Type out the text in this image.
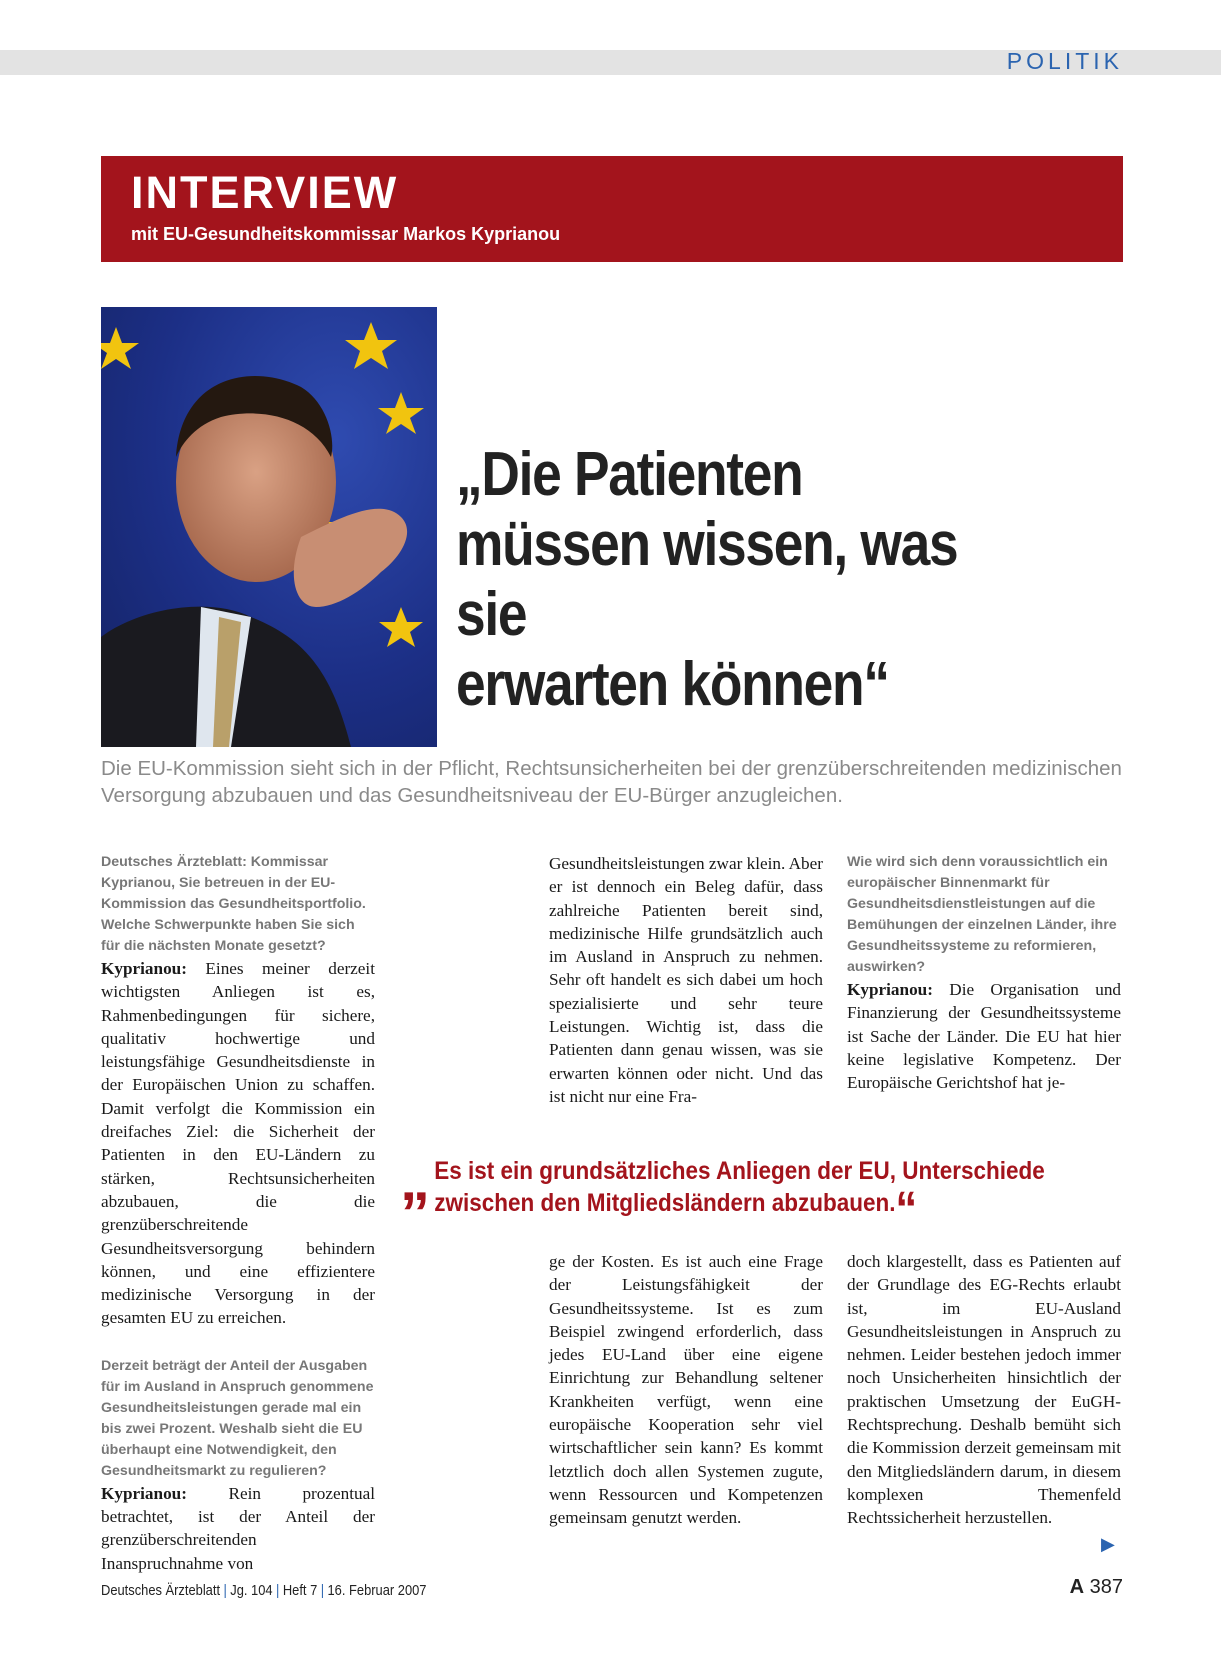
POLITIK
INTERVIEW
mit EU-Gesundheitskommissar Markos Kyprianou
„Die Patienten
müssen wissen, was sie
erwarten können“
Die EU-Kommission sieht sich in der Pflicht, Rechtsunsicherheiten bei der grenzüberschreitenden medizinischen Versorgung abzubauen und das Gesundheitsniveau der EU-Bürger anzugleichen.

Deutsches Ärzteblatt: Kommissar Kyprianou, Sie betreuen in der EU-Kommission das Gesundheitsportfolio. Welche Schwerpunkte haben Sie sich für die nächsten Monate gesetzt?

Kyprianou: Eines meiner derzeit wichtigsten Anliegen ist es, Rahmenbedingungen für sichere, qualitativ hochwertige und leistungsfähige Gesundheitsdienste in der Europäischen Union zu schaffen. Damit verfolgt die Kommission ein dreifaches Ziel: die Sicherheit der Patienten in den EU-Ländern zu stärken, Rechtsunsicherheiten abzubauen, die die grenzüberschreitende Gesundheitsversorgung behindern können, und eine effizientere medizinische Versorgung in der gesamten EU zu erreichen.

Derzeit beträgt der Anteil der Ausgaben für im Ausland in Anspruch genommene Gesundheitsleistungen gerade mal ein bis zwei Prozent. Weshalb sieht die EU überhaupt eine Notwendigkeit, den Gesundheitsmarkt zu regulieren?

Kyprianou: Rein prozentual betrachtet, ist der Anteil der grenzüberschreitenden Inanspruchnahme von

Gesundheitsleistungen zwar klein. Aber er ist dennoch ein Beleg dafür, dass zahlreiche Patienten bereit sind, medizinische Hilfe grundsätzlich auch im Ausland in Anspruch zu nehmen. Sehr oft handelt es sich dabei um hoch spezialisierte und sehr teure Leistungen. Wichtig ist, dass die Patienten dann genau wissen, was sie erwarten können oder nicht. Und das ist nicht nur eine Fra-

Wie wird sich denn voraussichtlich ein europäischer Binnenmarkt für Gesundheitsdienstleistungen auf die Bemühungen der einzelnen Länder, ihre Gesundheitssysteme zu reformieren, auswirken?

Kyprianou: Die Organisation und Finanzierung der Gesundheitssysteme ist Sache der Länder. Die EU hat hier keine legislative Kompetenz. Der Europäische Gerichtshof hat je-

„ Es ist ein grundsätzliches Anliegen der EU, Unterschiede
zwischen den Mitgliedsländern abzubauen.“

ge der Kosten. Es ist auch eine Frage der Leistungsfähigkeit der Gesundheitssysteme. Ist es zum Beispiel zwingend erforderlich, dass jedes EU-Land über eine eigene Einrichtung zur Behandlung seltener Krankheiten verfügt, wenn eine europäische Kooperation sehr viel wirtschaftlicher sein kann? Es kommt letztlich doch allen Systemen zugute, wenn Ressourcen und Kompetenzen gemeinsam genutzt werden.

doch klargestellt, dass es Patienten auf der Grundlage des EG-Rechts erlaubt ist, im EU-Ausland Gesundheitsleistungen in Anspruch zu nehmen. Leider bestehen jedoch immer noch Unsicherheiten hinsichtlich der praktischen Umsetzung der EuGH-Rechtsprechung. Deshalb bemüht sich die Kommission derzeit gemeinsam mit den Mitgliedsländern darum, in diesem komplexen Themenfeld Rechtssicherheit herzustellen.

▶
Deutsches Ärzteblatt | Jg. 104 | Heft 7 | 16. Februar 2007	A 387
